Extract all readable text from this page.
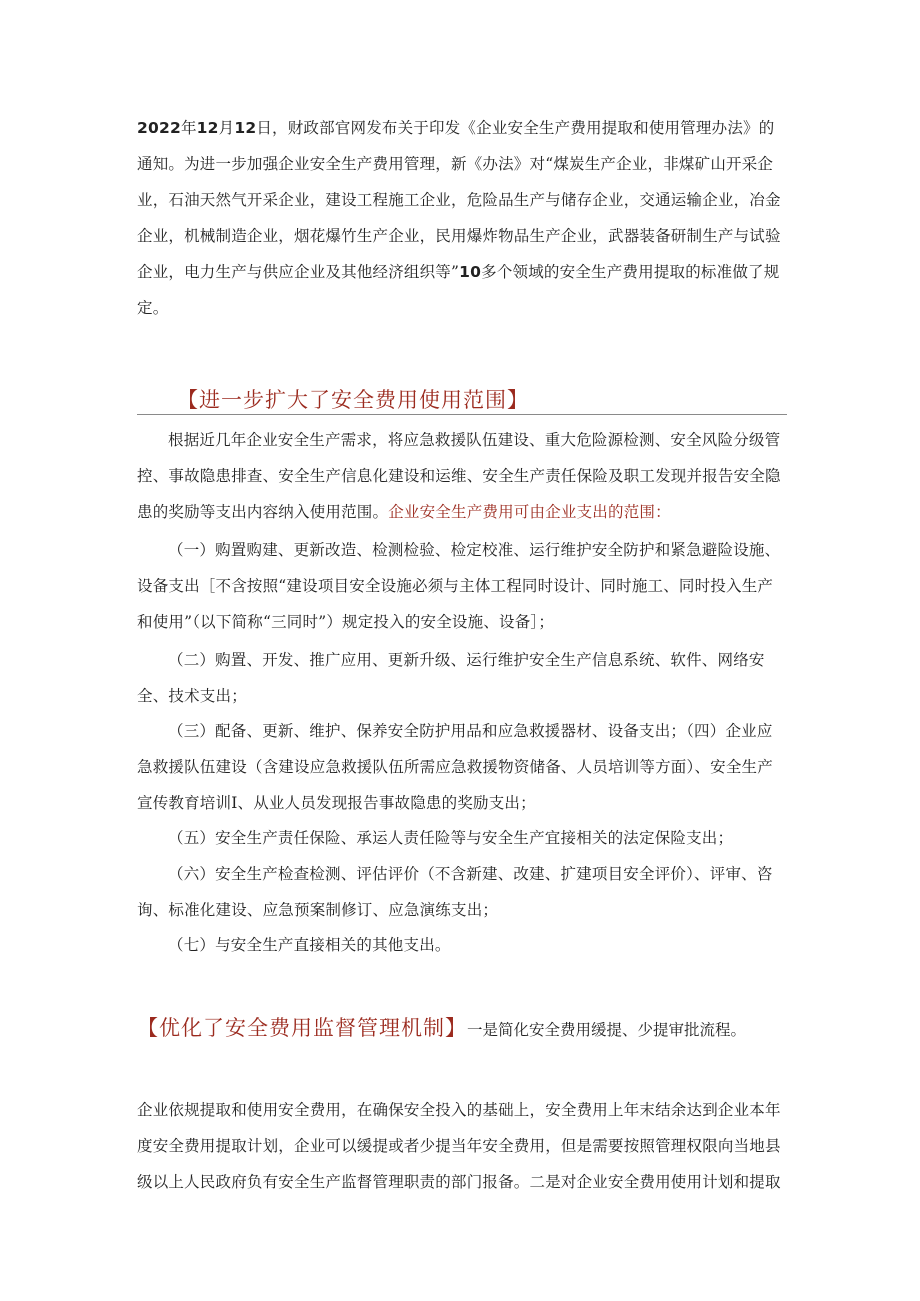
2022年12月12日，财政部官网发布关于印发《企业安全生产费用提取和使用管理办法》的通知。为进一步加强企业安全生产费用管理，新《办法》对“煤炭生产企业，非煤矿山开采企业，石油天然气开采企业，建设工程施工企业，危险品生产与储存企业，交通运输企业，冶金企业，机械制造企业，烟花爆竹生产企业，民用爆炸物品生产企业，武器装备研制生产与试验企业，电力生产与供应企业及其他经济组织等”10多个领域的安全生产费用提取的标准做了规定。

【进一步扩大了安全费用使用范围】

根据近几年企业安全生产需求，将应急救援队伍建设、重大危险源检测、安全风险分级管控、事故隐患排查、安全生产信息化建设和运维、安全生产责任保险及职工发现并报告安全隐患的奖励等支出内容纳入使用范围。企业安全生产费用可由企业支出的范围：

（一）购置购建、更新改造、检测检验、检定校准、运行维护安全防护和紧急避险设施、设备支出［不含按照“建设项目安全设施必须与主体工程同时设计、同时施工、同时投入生产和使用”（以下简称“三同时”）规定投入的安全设施、设备］；

（二）购置、开发、推广应用、更新升级、运行维护安全生产信息系统、软件、网络安全、技术支出；

（三）配备、更新、维护、保养安全防护用品和应急救援器材、设备支出；（四）企业应急救援队伍建设（含建设应急救援队伍所需应急救援物资储备、人员培训等方面）、安全生产宣传教育培训Ⅰ、从业人员发现报告事故隐患的奖励支出；

（五）安全生产责任保险、承运人责任险等与安全生产宜接相关的法定保险支出；

（六）安全生产检查检测、评估评价（不含新建、改建、扩建项目安全评价）、评审、咨询、标准化建设、应急预案制修订、应急演练支出；

（七）与安全生产直接相关的其他支出。

【优化了安全费用监督管理机制】一是简化安全费用缓提、少提审批流程。

企业依规提取和使用安全费用，在确保安全投入的基础上，安全费用上年末结余达到企业本年度安全费用提取计划，企业可以缓提或者少提当年安全费用，但是需要按照管理权限向当地县级以上人民政府负有安全生产监督管理职责的部门报备。二是对企业安全费用使用计划和提取
